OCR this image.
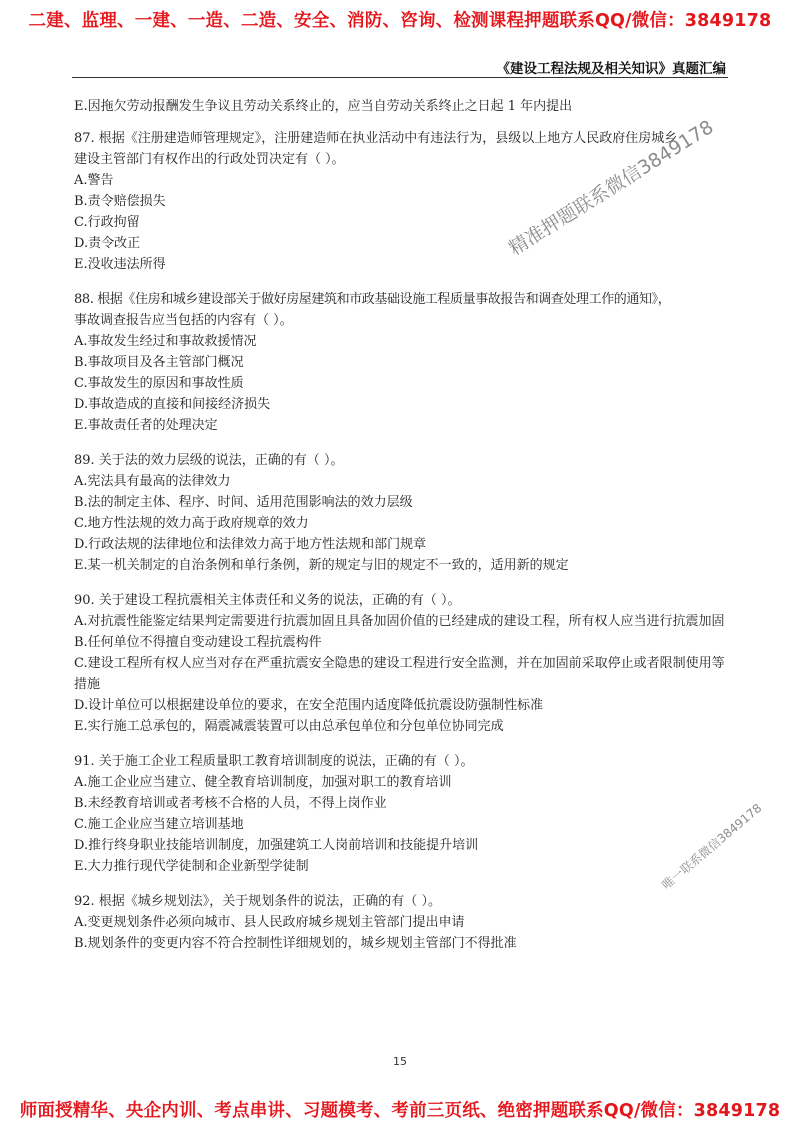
二建、监理、一建、一造、二造、安全、消防、咨询、检测课程押题联系QQ/微信：3849178
《建设工程法规及相关知识》真题汇编
E.因拖欠劳动报酬发生争议且劳动关系终止的，应当自劳动关系终止之日起 1 年内提出
87. 根据《注册建造师管理规定》，注册建造师在执业活动中有违法行为，县级以上地方人民政府住房城乡
建设主管部门有权作出的行政处罚决定有（ ）。
A.警告
B.责令赔偿损失
C.行政拘留
D.责令改正
E.没收违法所得
88. 根据《住房和城乡建设部关于做好房屋建筑和市政基础设施工程质量事故报告和调查处理工作的通知》，
事故调查报告应当包括的内容有（ ）。
A.事故发生经过和事故救援情况
B.事故项目及各主管部门概况
C.事故发生的原因和事故性质
D.事故造成的直接和间接经济损失
E.事故责任者的处理决定
89. 关于法的效力层级的说法，正确的有（ ）。
A.宪法具有最高的法律效力
B.法的制定主体、程序、时间、适用范围影响法的效力层级
C.地方性法规的效力高于政府规章的效力
D.行政法规的法律地位和法律效力高于地方性法规和部门规章
E.某一机关制定的自治条例和单行条例，新的规定与旧的规定不一致的，适用新的规定
90. 关于建设工程抗震相关主体责任和义务的说法，正确的有（ ）。
A.对抗震性能鉴定结果判定需要进行抗震加固且具备加固价值的已经建成的建设工程，所有权人应当进行抗震加固
B.任何单位不得擅自变动建设工程抗震构件
C.建设工程所有权人应当对存在严重抗震安全隐患的建设工程进行安全监测，并在加固前采取停止或者限制使用等措施
D.设计单位可以根据建设单位的要求，在安全范围内适度降低抗震设防强制性标准
E.实行施工总承包的，隔震减震装置可以由总承包单位和分包单位协同完成
91. 关于施工企业工程质量职工教育培训制度的说法，正确的有（ ）。
A.施工企业应当建立、健全教育培训制度，加强对职工的教育培训
B.未经教育培训或者考核不合格的人员，不得上岗作业
C.施工企业应当建立培训基地
D.推行终身职业技能培训制度，加强建筑工人岗前培训和技能提升培训
E.大力推行现代学徒制和企业新型学徒制
92. 根据《城乡规划法》，关于规划条件的说法，正确的有（ ）。
A.变更规划条件必须向城市、县人民政府城乡规划主管部门提出申请
B.规划条件的变更内容不符合控制性详细规划的，城乡规划主管部门不得批准
精准押题联系微信3849178
唯一联系微信3849178
15
师面授精华、央企内训、考点串讲、习题模考、考前三页纸、绝密押题联系QQ/微信：3849178
